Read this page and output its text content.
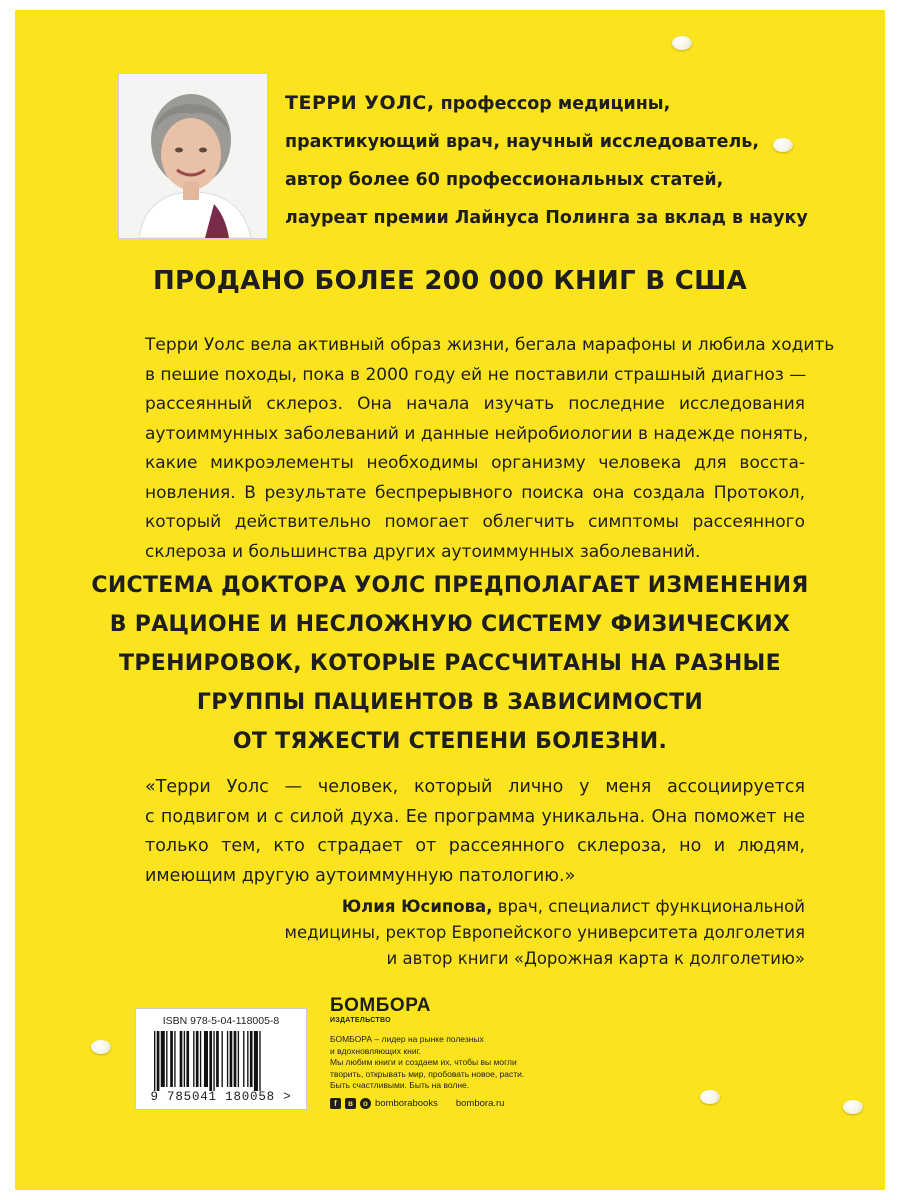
ТЕРРИ УОЛС, профессор медицины,
практикующий врач, научный исследователь,
автор более 60 профессиональных статей,
лауреат премии Лайнуса Полинга за вклад в науку
ПРОДАНО БОЛЕЕ 200 000 КНИГ В США
Терри Уолс вела активный образ жизни, бегала марафоны и любила ходить
в пешие походы, пока в 2000 году ей не поставили страшный диагноз —
рассеянный склероз. Она начала изучать последние исследования
аутоиммунных заболеваний и данные нейробиологии в надежде понять,
какие микроэлементы необходимы организму человека для восста-
новления. В результате беспрерывного поиска она создала Протокол,
который действительно помогает облегчить симптомы рассеянного
склероза и большинства других аутоиммунных заболеваний.
СИСТЕМА ДОКТОРА УОЛС ПРЕДПОЛАГАЕТ ИЗМЕНЕНИЯ
В РАЦИОНЕ И НЕСЛОЖНУЮ СИСТЕМУ ФИЗИЧЕСКИХ
ТРЕНИРОВОК, КОТОРЫЕ РАССЧИТАНЫ НА РАЗНЫЕ
ГРУППЫ ПАЦИЕНТОВ В ЗАВИСИМОСТИ
ОТ ТЯЖЕСТИ СТЕПЕНИ БОЛЕЗНИ.
«Терри Уолс — человек, который лично у меня ассоциируется
с подвигом и с силой духа. Ее программа уникальна. Она поможет не
только тем, кто страдает от рассеянного склероза, но и людям,
имеющим другую аутоиммунную патологию.»
Юлия Юсипова, врач, специалист функциональной
медицины, ректор Европейского университета долголетия
и автор книги «Дорожная карта к долголетию»
ISBN 978-5-04-118005-8
9 785041 180058 >
БОМБОРА
ИЗДАТЕЛЬСТВО
БОМБОРА – лидер на рынке полезных
и вдохновляющих книг.
Мы любим книги и создаем их, чтобы вы могли
творить, открывать мир, пробовать новое, расти.
Быть счастливыми. Быть на волне.
f	в	o bomborabooks bombora.ru
